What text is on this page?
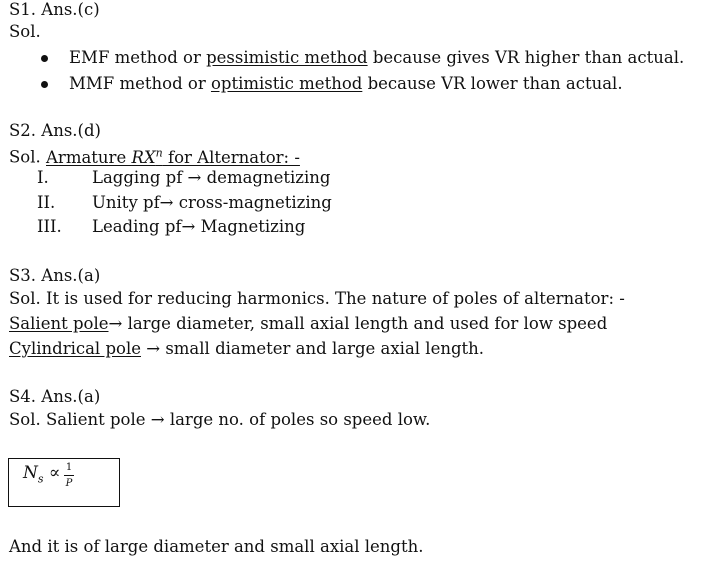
S1. Ans.(c)
Sol.
EMF method or pessimistic method because gives VR higher than actual.
MMF method or optimistic method because VR lower than actual.
S2. Ans.(d)
Sol. Armature $RX^n$ for Alternator: -
I.	Lagging pf → demagnetizing
II. Unity pf→ cross-magnetizing
III. Leading pf→ Magnetizing
S3. Ans.(a)
Sol. It is used for reducing harmonics. The nature of poles of alternator: -
Salient pole→ large diameter, small axial length and used for low speed
Cylindrical pole → small diameter and large axial length.
S4. Ans.(a)
Sol. Salient pole → large no. of poles so speed low.
$N_s \propto 1$
P
And it is of large diameter and small axial length.
